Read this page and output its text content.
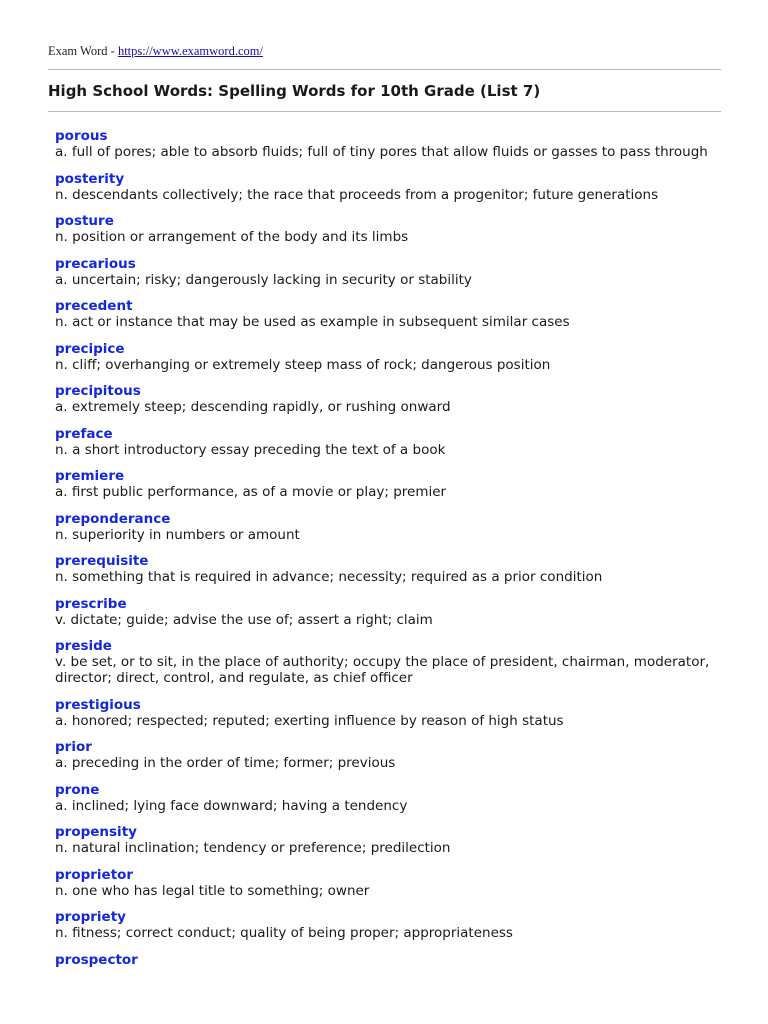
Exam Word - https://www.examword.com/
High School Words: Spelling Words for 10th Grade (List 7)
porous
a. full of pores; able to absorb fluids; full of tiny pores that allow fluids or gasses to pass through
posterity
n. descendants collectively; the race that proceeds from a progenitor; future generations
posture
n. position or arrangement of the body and its limbs
precarious
a. uncertain; risky; dangerously lacking in security or stability
precedent
n. act or instance that may be used as example in subsequent similar cases
precipice
n. cliff; overhanging or extremely steep mass of rock; dangerous position
precipitous
a. extremely steep; descending rapidly, or rushing onward
preface
n. a short introductory essay preceding the text of a book
premiere
a. first public performance, as of a movie or play; premier
preponderance
n. superiority in numbers or amount
prerequisite
n. something that is required in advance; necessity; required as a prior condition
prescribe
v. dictate; guide; advise the use of; assert a right; claim
preside
v. be set, or to sit, in the place of authority; occupy the place of president, chairman, moderator, director; direct, control, and regulate, as chief officer
prestigious
a. honored; respected; reputed; exerting influence by reason of high status
prior
a. preceding in the order of time; former; previous
prone
a. inclined; lying face downward; having a tendency
propensity
n. natural inclination; tendency or preference; predilection
proprietor
n. one who has legal title to something; owner
propriety
n. fitness; correct conduct; quality of being proper; appropriateness
prospector
